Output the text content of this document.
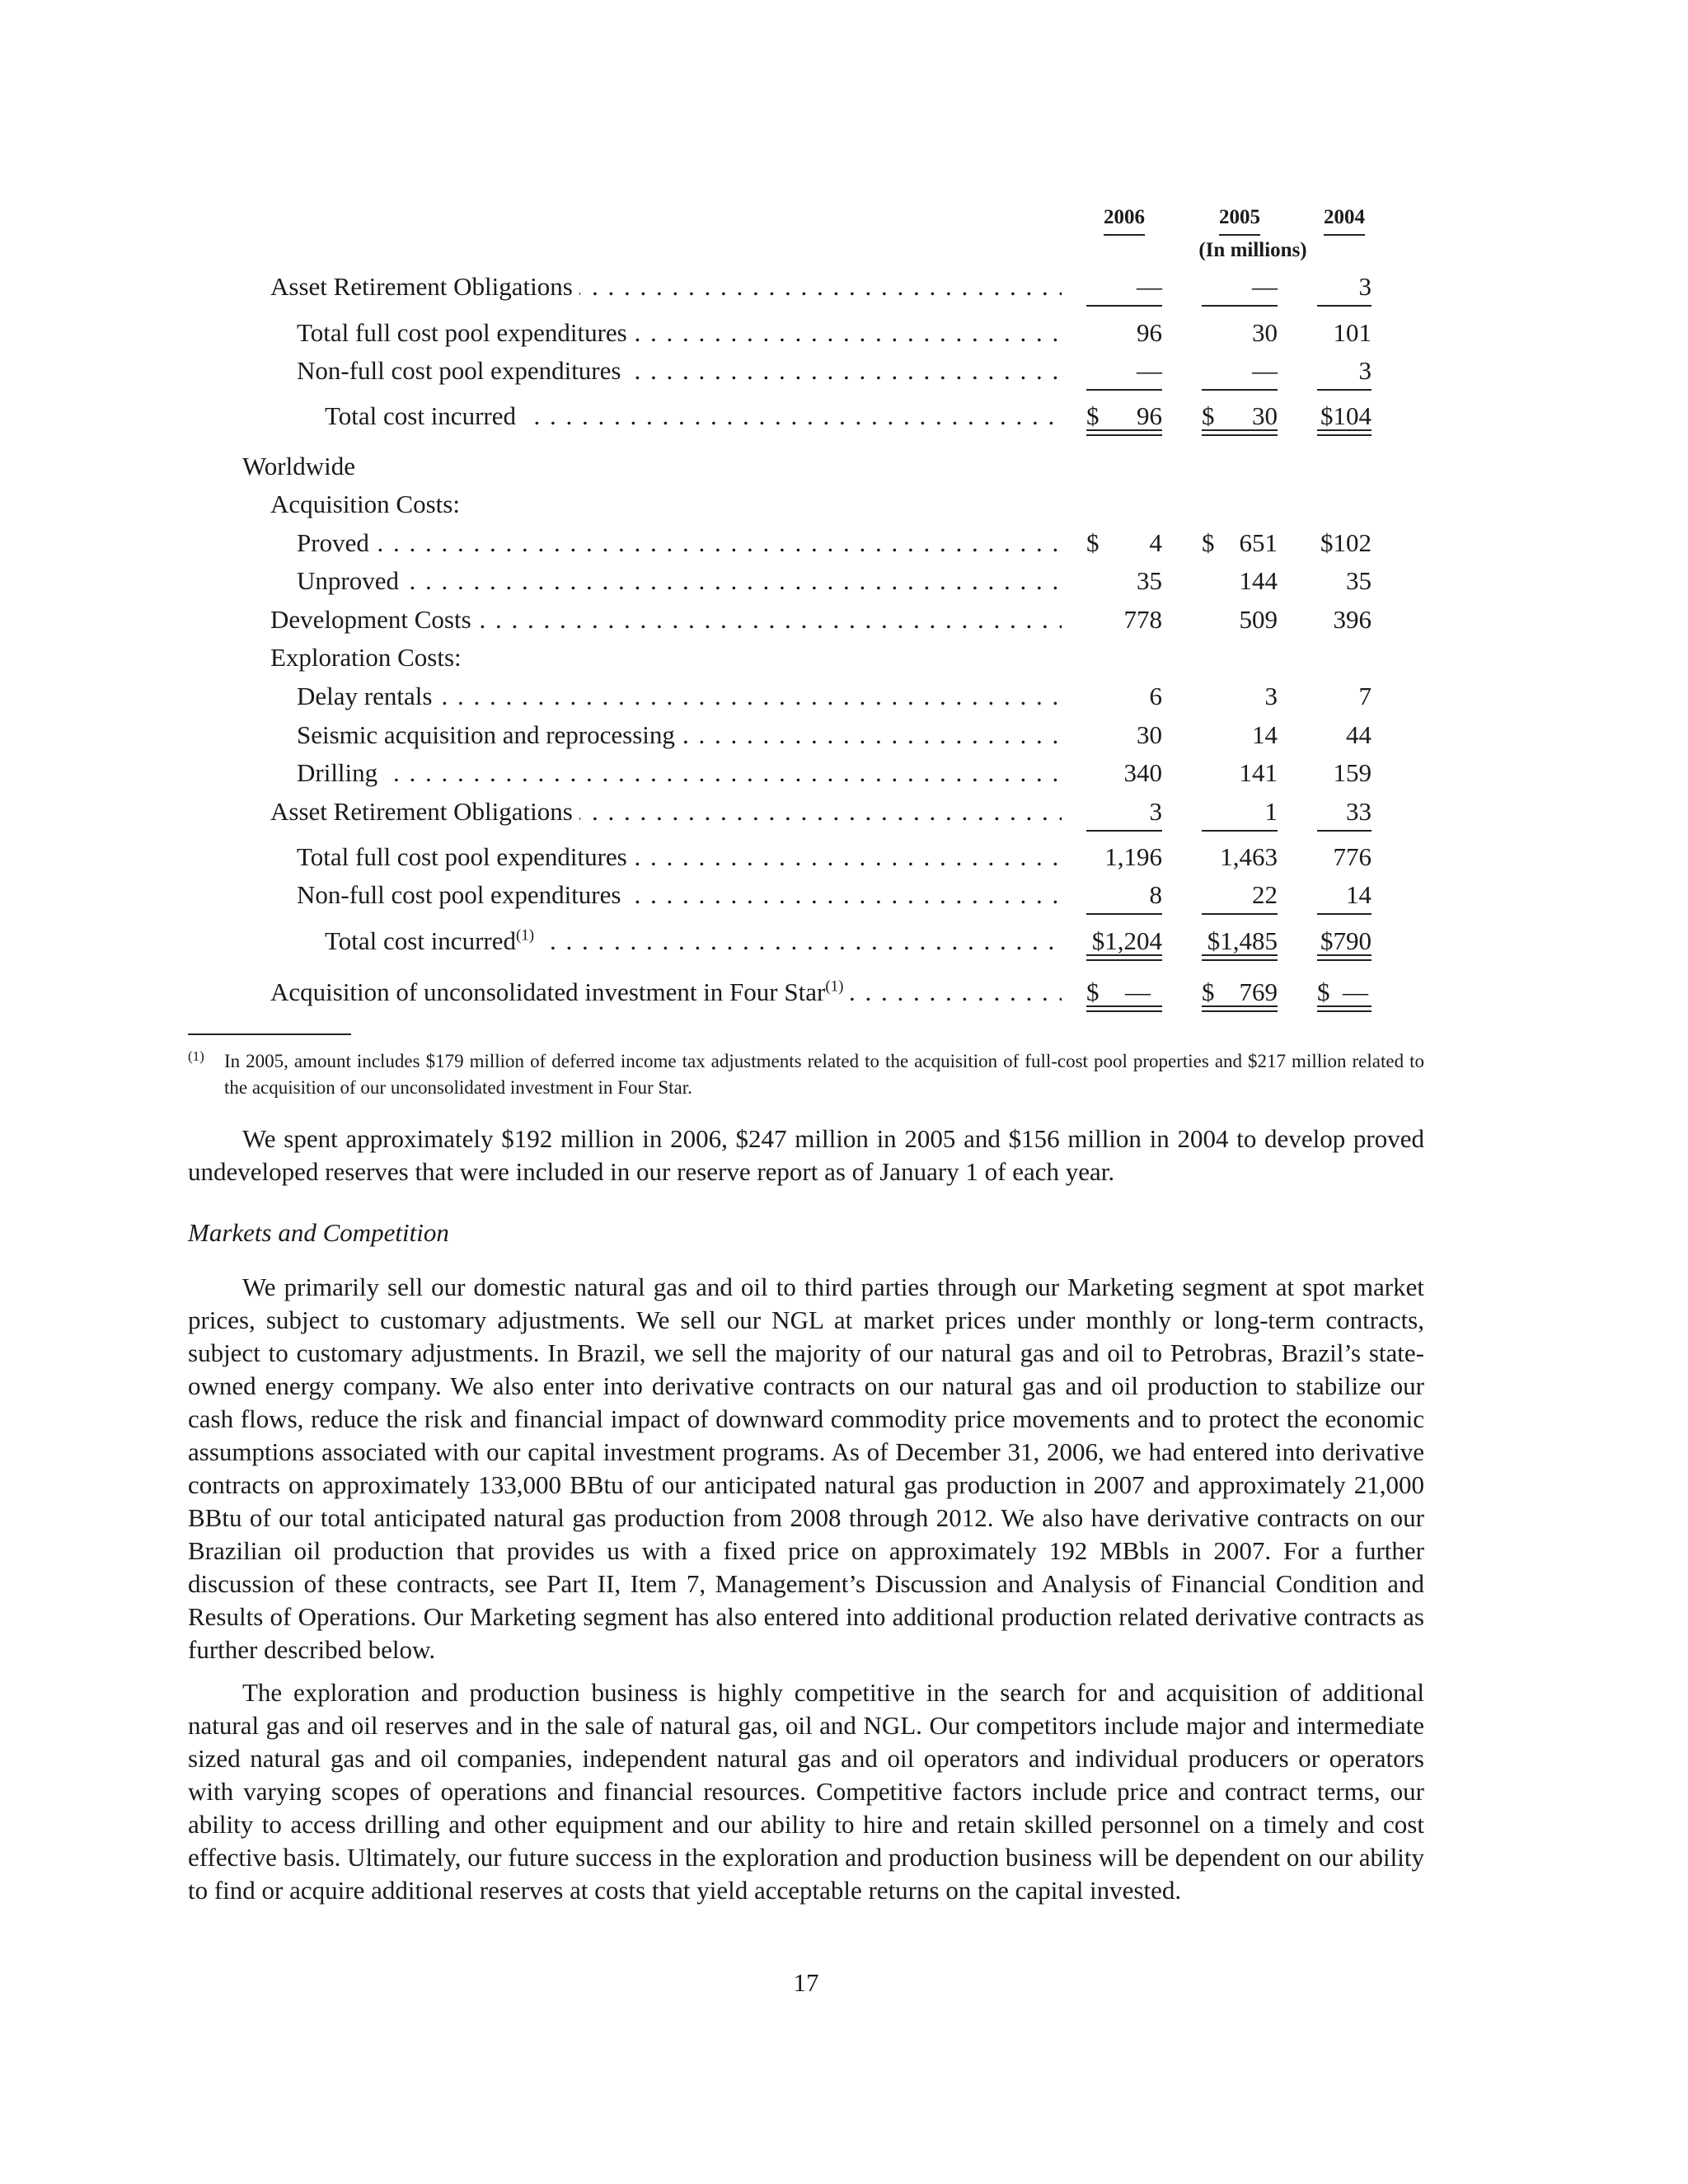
2006	2005	2004
(In millions)
Asset Retirement Obligations . . .	—	—	3
Total full cost pool expenditures . . .	96	30 101
Non-full cost pool expenditures . . .	—	—	3
Total cost incurred . . .	$ 96 $ 30 $104
Worldwide
Acquisition Costs:
Proved . . .	$ 4 $ 651 $102
Unproved . . .	35	144	35
Development Costs . . .	778	509 396
Exploration Costs:
Delay rentals . . .	6	3	7
Seismic acquisition and reprocessing . . .	30	14	44
Drilling . . .	340	141 159
Asset Retirement Obligations . . .	3	1	33
Total full cost pool expenditures . . .	1,196 1,463 776
Non-full cost pool expenditures . . .	8	22	14
Total cost incurred$^{(1)}$ . . .	$1,204 $1,485 $790
Acquisition of unconsolidated investment in Four Star$^{(1)}$ . . .	$ — $ 769 $ —
(1)	In 2005, amount includes $179 million of deferred income tax adjustments related to the acquisition of full-cost pool properties and $217 million related to the acquisition of our unconsolidated investment in Four Star.
We spent approximately $192 million in 2006, $247 million in 2005 and $156 million in 2004 to develop proved undeveloped reserves that were included in our reserve report as of January 1 of each year.
Markets and Competition
We primarily sell our domestic natural gas and oil to third parties through our Marketing segment at spot market prices, subject to customary adjustments. We sell our NGL at market prices under monthly or long-term contracts, subject to customary adjustments. In Brazil, we sell the majority of our natural gas and oil to Petrobras, Brazil’s state-owned energy company. We also enter into derivative contracts on our natural gas and oil production to stabilize our cash flows, reduce the risk and financial impact of downward commodity price movements and to protect the economic assumptions associated with our capital investment programs. As of December 31, 2006, we had entered into derivative contracts on approximately 133,000 BBtu of our anticipated natural gas production in 2007 and approximately 21,000 BBtu of our total anticipated natural gas production from 2008 through 2012. We also have derivative contracts on our Brazilian oil production that provides us with a fixed price on approximately 192 MBbls in 2007. For a further discussion of these contracts, see Part II, Item 7, Management’s Discussion and Analysis of Financial Condition and Results of Operations. Our Marketing segment has also entered into additional production related derivative contracts as further described below.
The exploration and production business is highly competitive in the search for and acquisition of additional natural gas and oil reserves and in the sale of natural gas, oil and NGL. Our competitors include major and intermediate sized natural gas and oil companies, independent natural gas and oil operators and individual producers or operators with varying scopes of operations and financial resources. Competitive factors include price and contract terms, our ability to access drilling and other equipment and our ability to hire and retain skilled personnel on a timely and cost effective basis. Ultimately, our future success in the exploration and production business will be dependent on our ability to find or acquire additional reserves at costs that yield acceptable returns on the capital invested.
17
